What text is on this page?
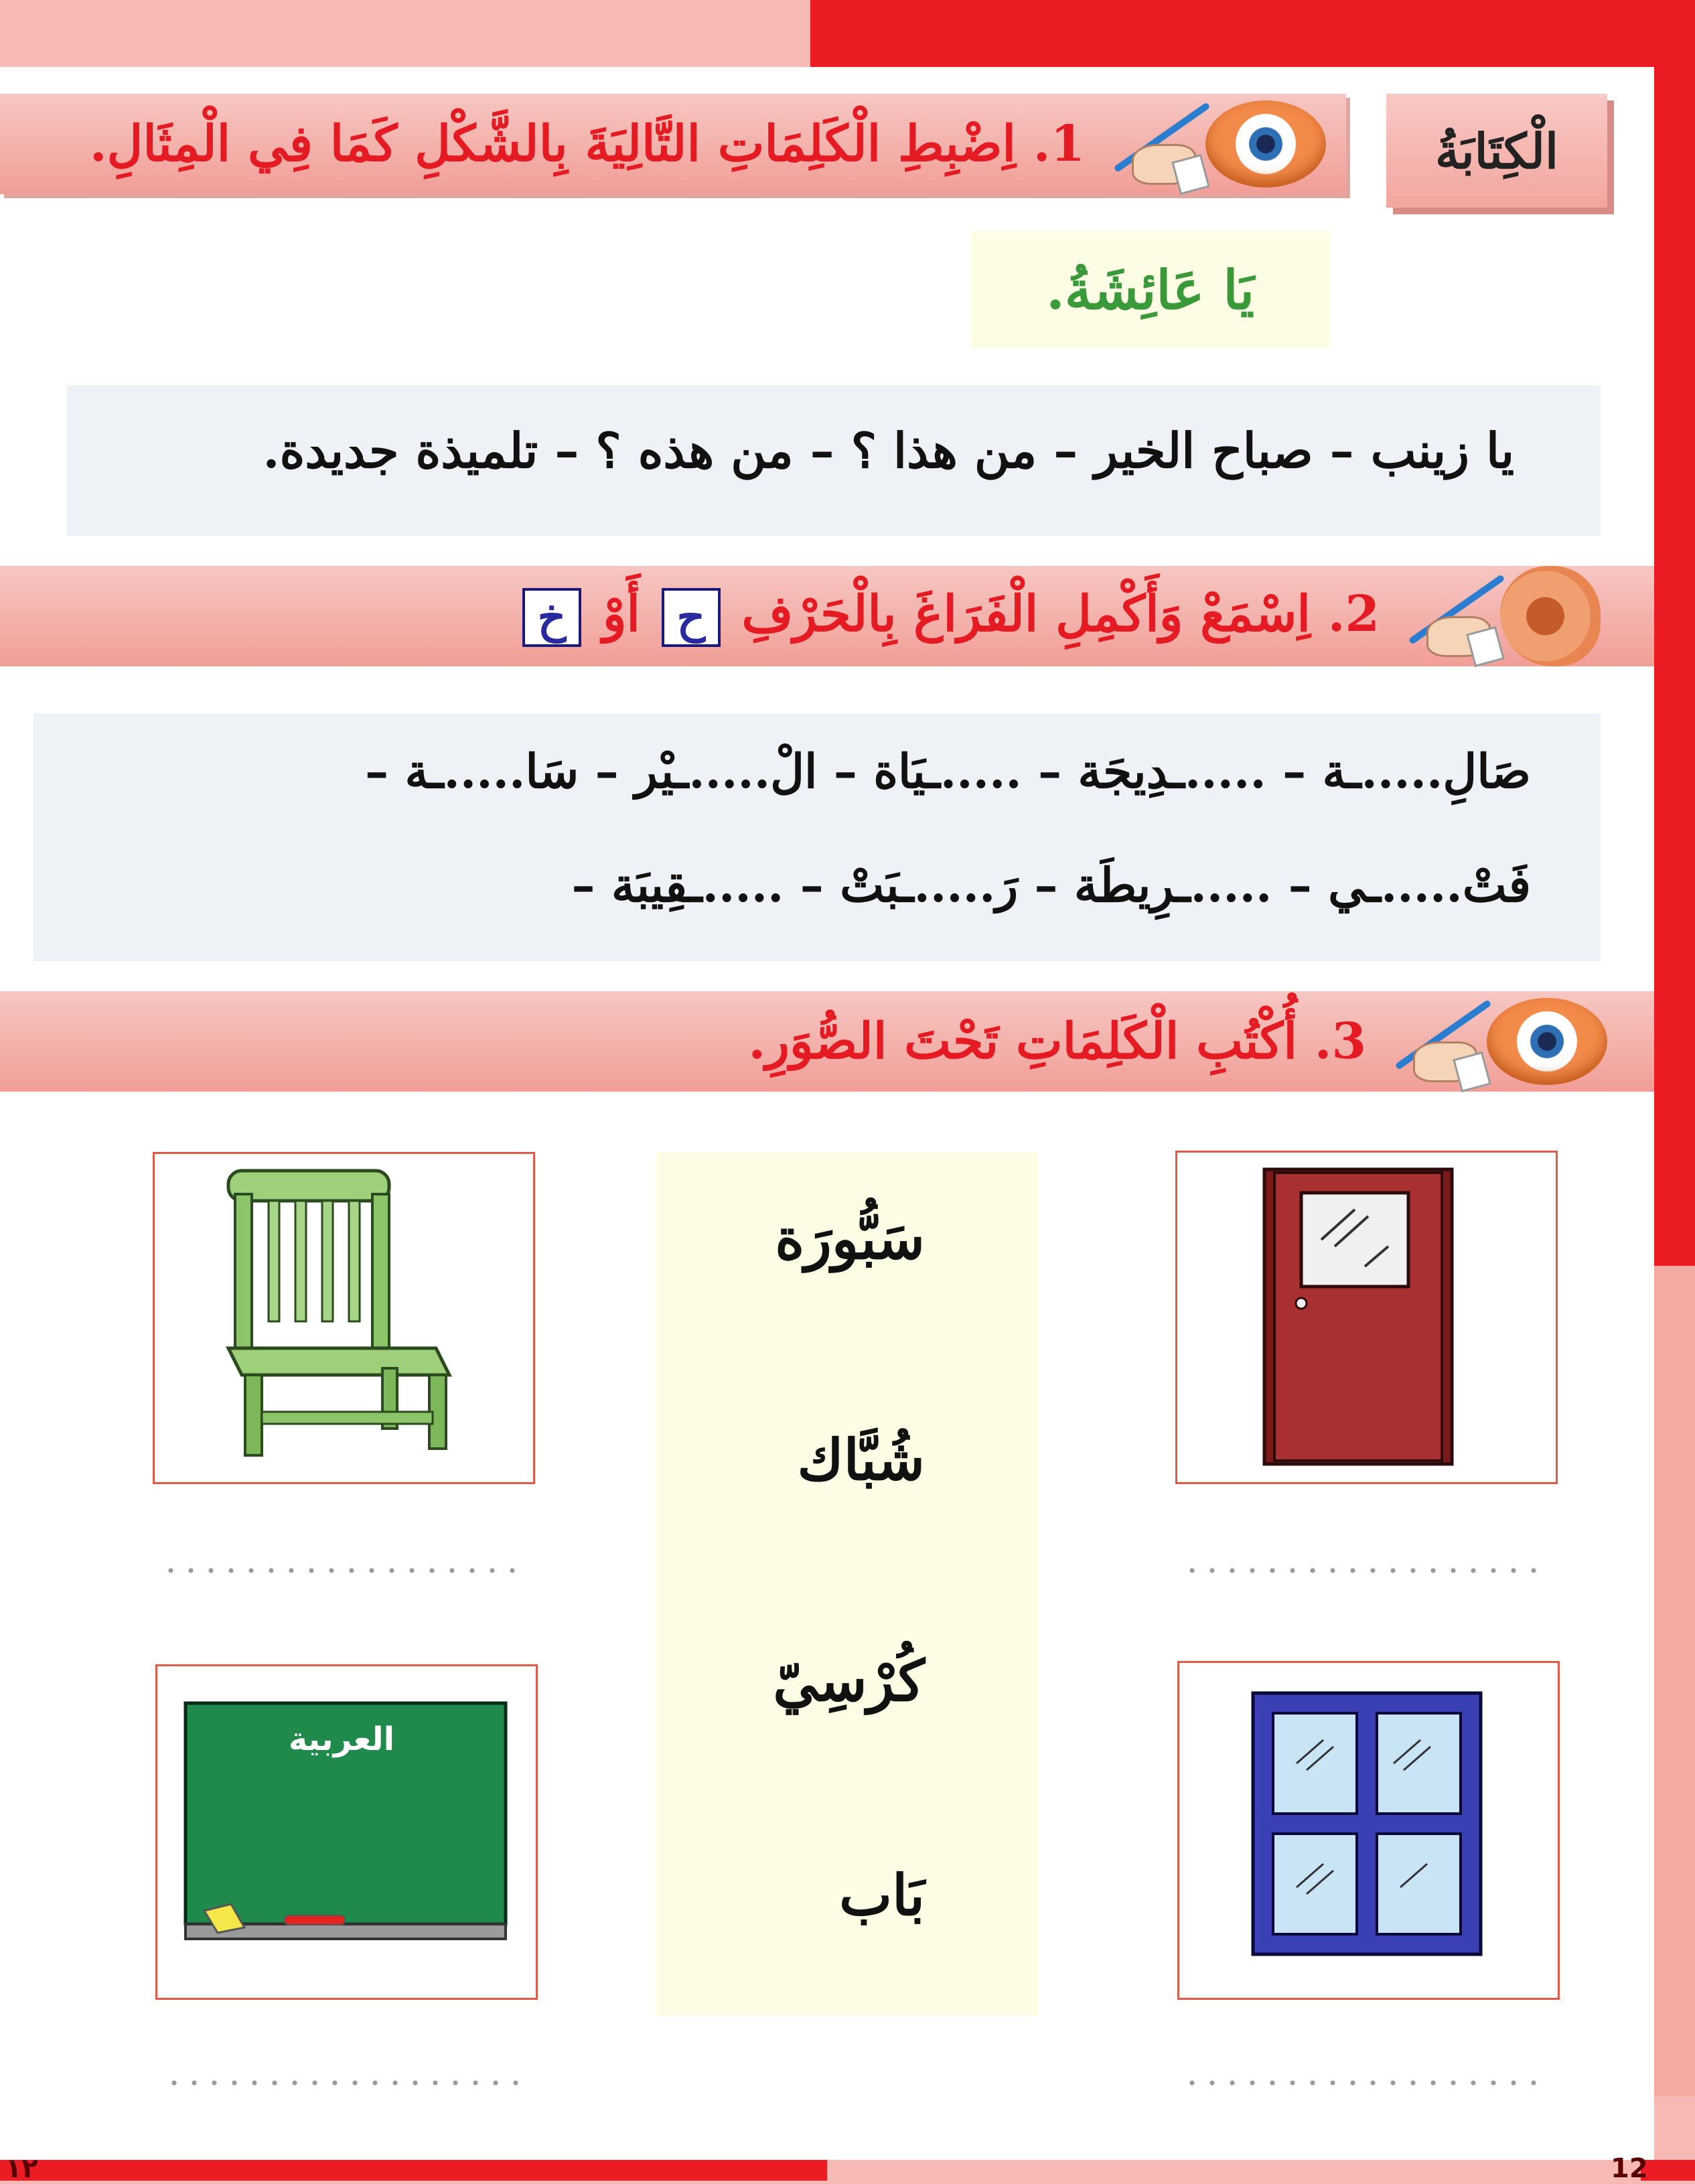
الْكِتَابَةُ
1. اِضْبِطِ الْكَلِمَاتِ التَّالِيَةَ بِالشَّكْلِ كَمَا فِي الْمِثَالِ.
يَا عَائِشَةُ.
يا زينب – صباح الخير – من هذا ؟ – من هذه ؟ – تلميذة جديدة.
2. اِسْمَعْ وَأَكْمِلِ الْفَرَاغَ بِالْحَرْفِ ح أَوْ خ
صَالِ.....ـة – .....ـدِيجَة – .....ـيَاة – الْ.....ـيْر – سَا.....ـة –
فَتْ.....ـي – .....ـرِيطَة – رَ.....ـبَتْ – .....ـقِيبَة –
3. أُكْتُبِ الْكَلِمَاتِ تَحْتَ الصُّوَرِ.
سَبُّورَة
شُبَّاك
كُرْسِيّ
بَاب
العربية
١٢	12
